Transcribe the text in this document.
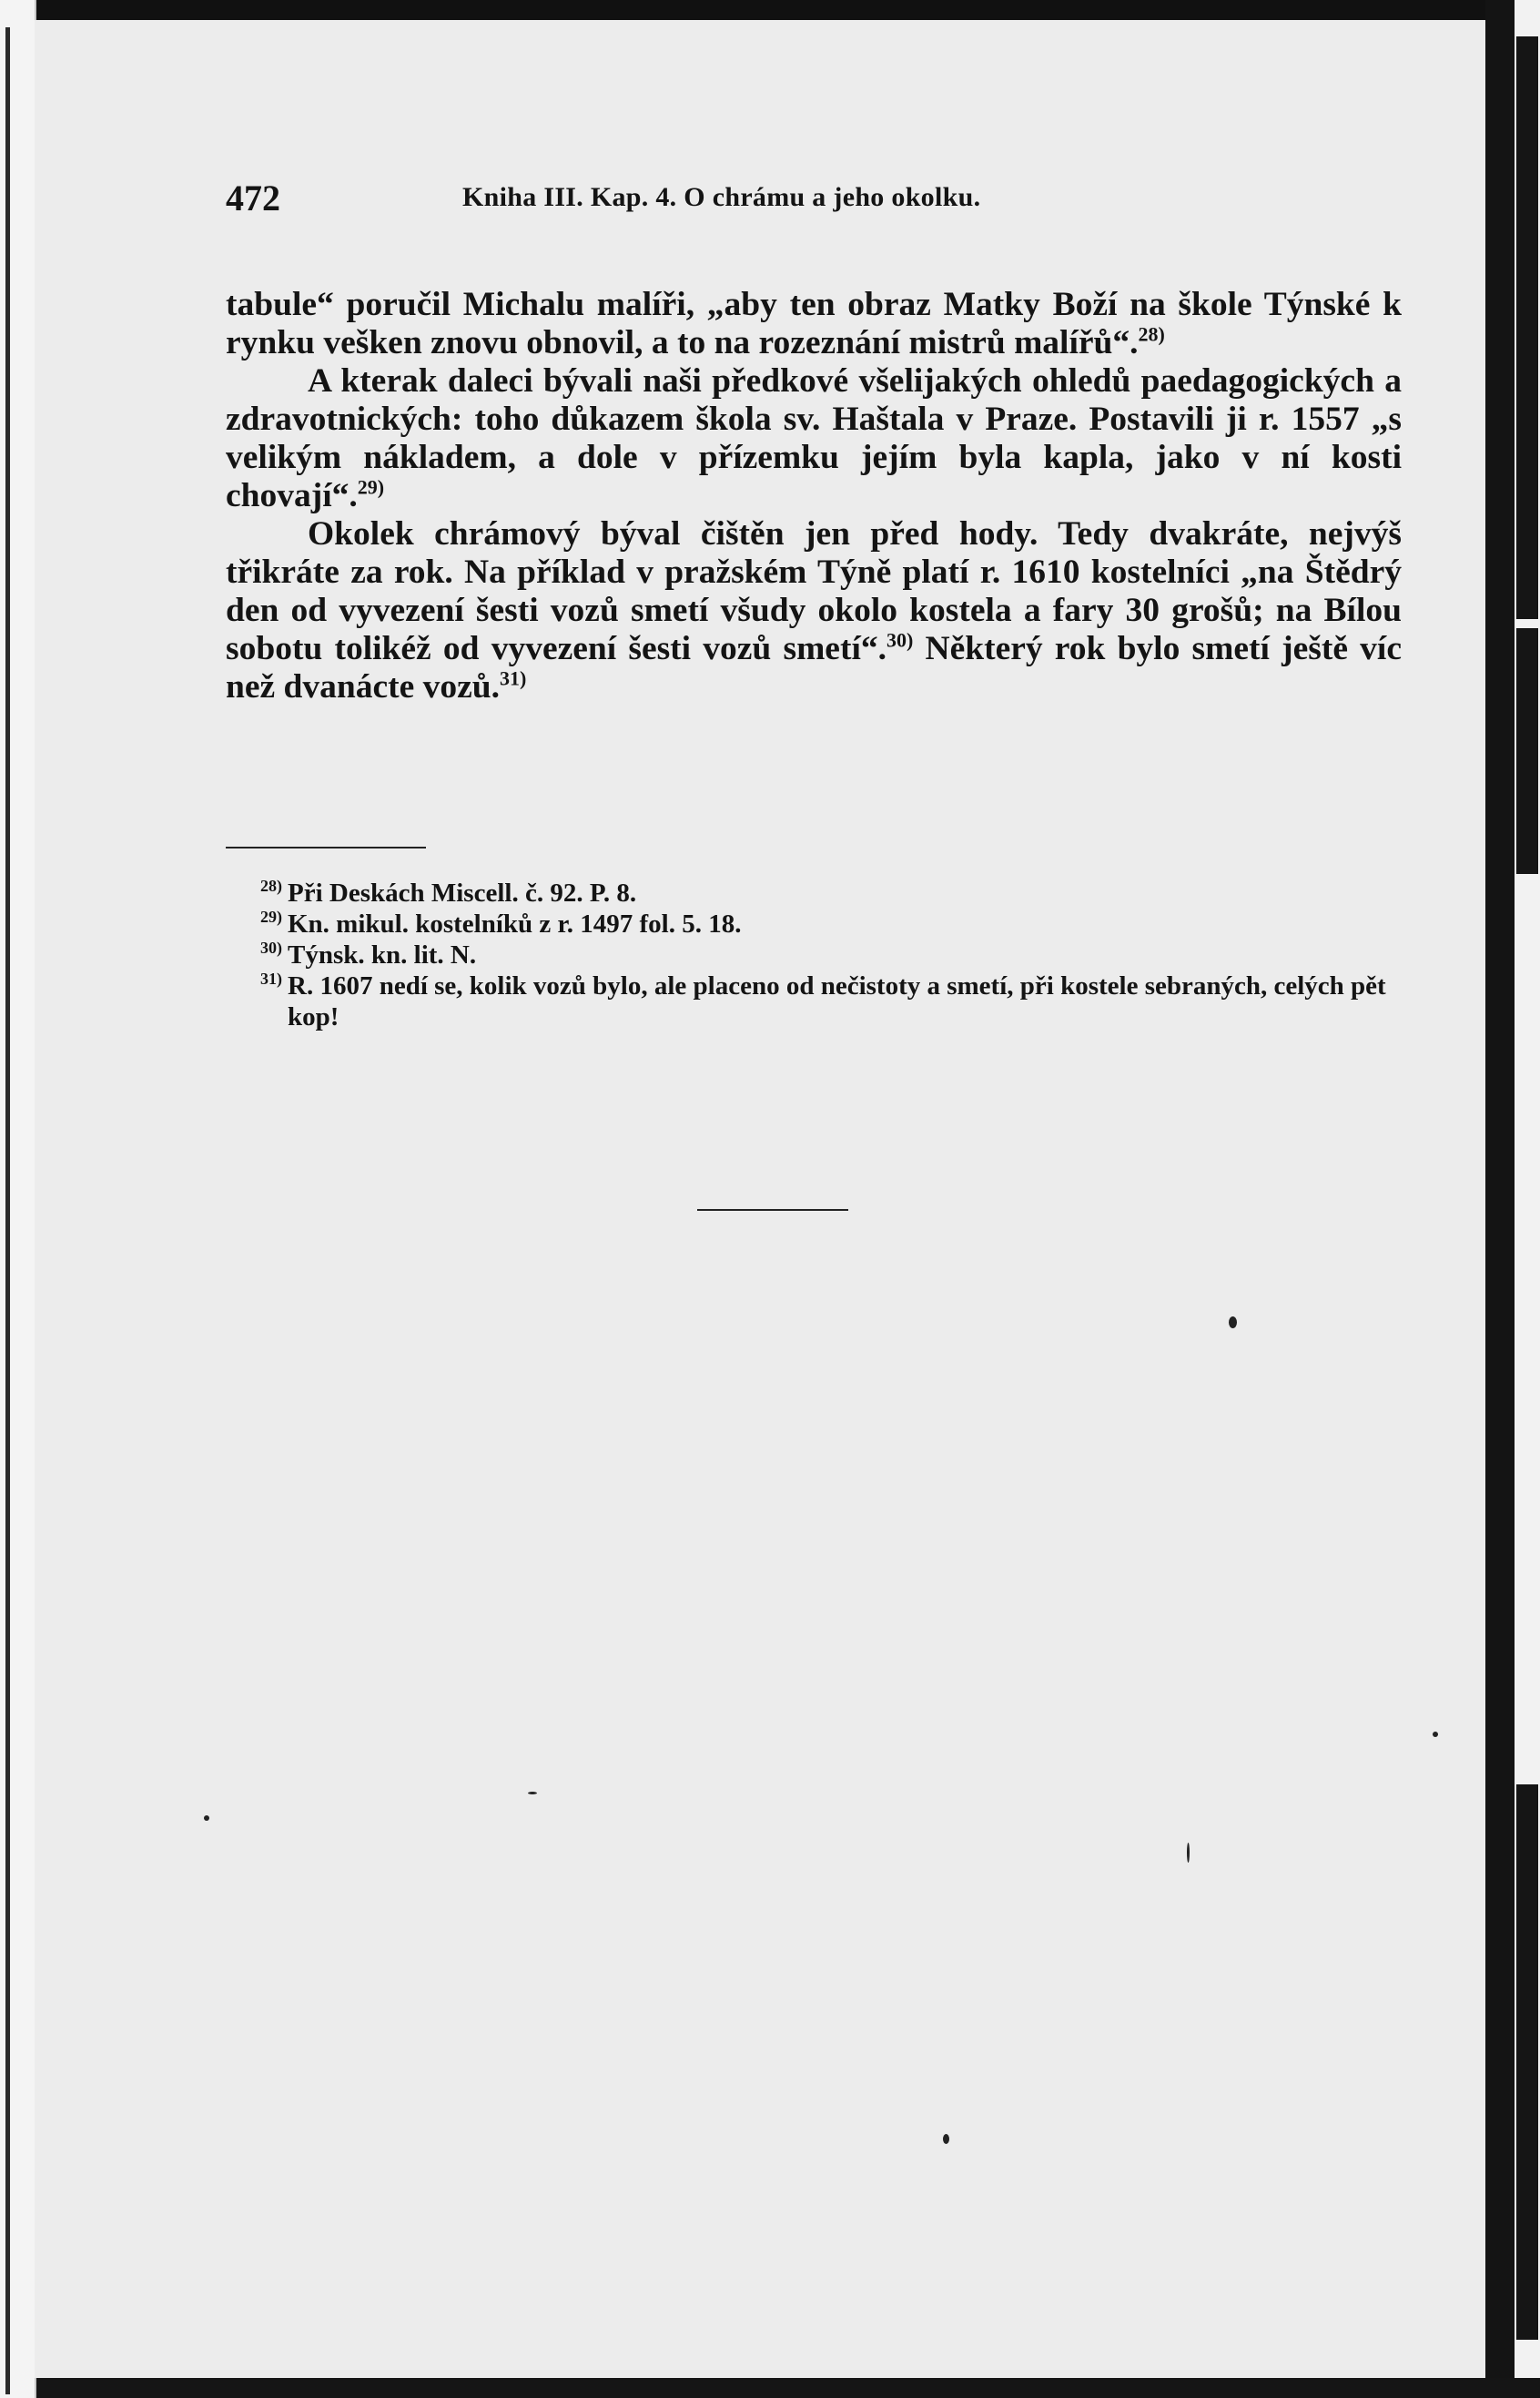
472	Kniha III. Kap. 4. O chrámu a jeho okolku.

tabule“ poručil Michalu malíři, „aby ten obraz Matky Boží na škole Týnské k rynku vešken znovu obnovil, a to na rozeznání mistrů malířů“.$^{28)}$

A kterak daleci bývali naši předkové všelijakých ohledů paedagogických a zdravotnických: toho důkazem škola sv. Haštala v Praze. Postavili ji r. 1557 „s velikým nákladem, a dole v přízemku jejím byla kapla, jako v ní kosti chovají“.$^{29)}$

Okolek chrámový býval čištěn jen před hody. Tedy dvakráte, nejvýš třikráte za rok. Na příklad v pražském Týně platí r. 1610 kostelníci „na Štědrý den od vyvezení šesti vozů smetí všudy okolo kostela a fary 30 grošů; na Bílou sobotu tolikéž od vyvezení šesti vozů smetí“.$^{30)}$ Některý rok bylo smetí ještě víc než dvanácte vozů.$^{31)}$

28) Při Deskách Miscell. č. 92. P. 8.

29) Kn. mikul. kostelníků z r. 1497 fol. 5. 18.

30) Týnsk. kn. lit. N.

31) R. 1607 nedí se, kolik vozů bylo, ale placeno od nečistoty a smetí, při kostele sebraných, celých pět kop!
